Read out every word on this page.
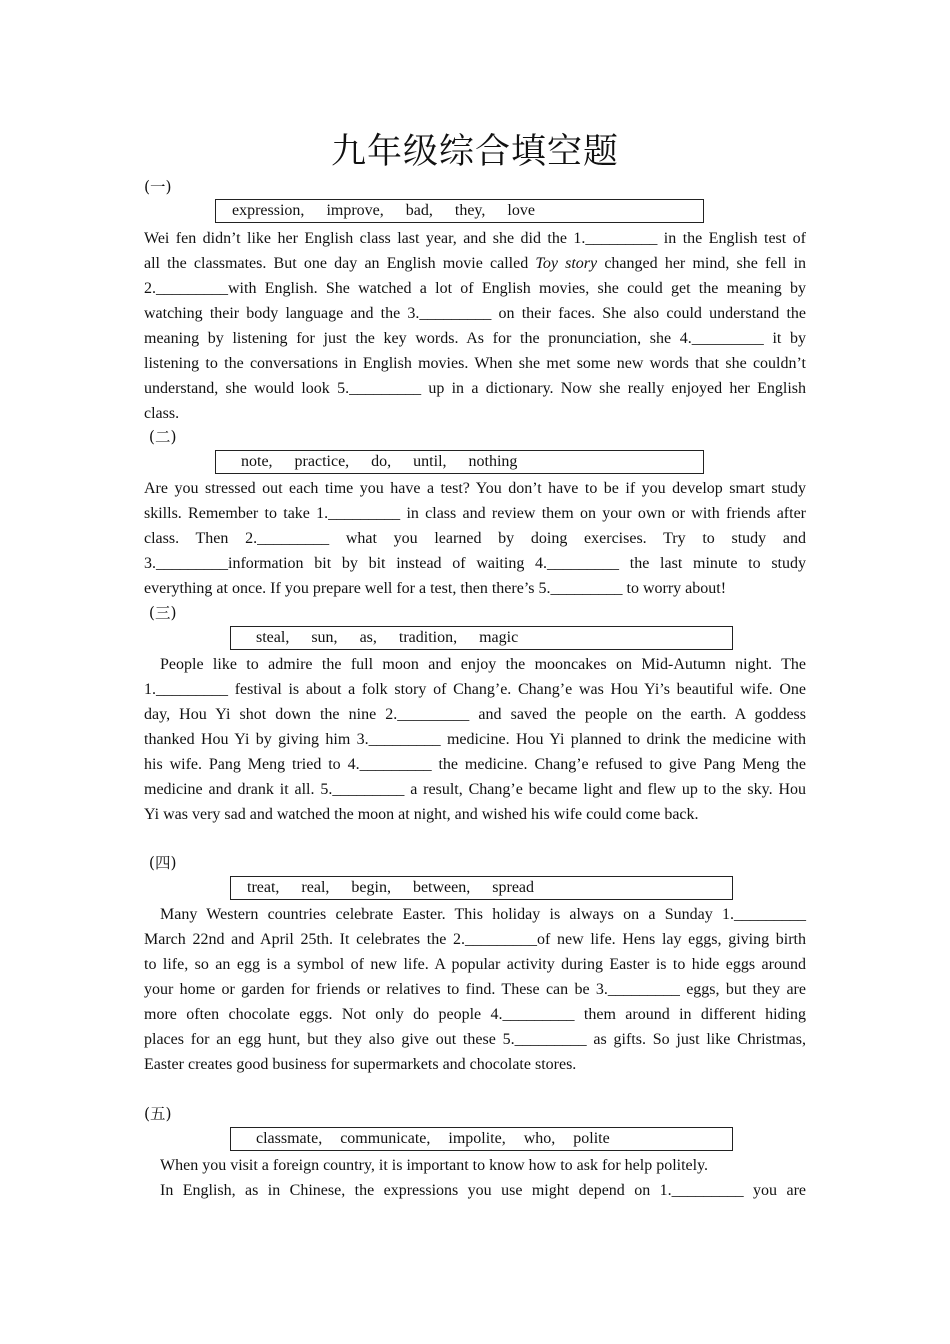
九年级综合填空题
(一)
expression, improve, bad, they, love
Wei fen didn’t like her English class last year, and she did the 1._________ in the English test of
all the classmates. But one day an English movie called Toy story changed her mind, she fell in
2._________with English. She watched a lot of English movies, she could get the meaning by
watching their body language and the 3._________ on their faces. She also could understand the
meaning by listening for just the key words. As for the pronunciation, she 4._________ it by
listening to the conversations in English movies. When she met some new words that she couldn’t
understand, she would look 5._________ up in a dictionary. Now she really enjoyed her English
class.
(二)
note, practice, do, until, nothing
Are you stressed out each time you have a test? You don’t have to be if you develop smart study
skills. Remember to take 1._________ in class and review them on your own or with friends after
class. Then 2._________ what you learned by doing exercises. Try to study and
3._________information bit by bit instead of waiting 4._________ the last minute to study
everything at once. If you prepare well for a test, then there’s 5._________ to worry about!
(三)
steal, sun, as, tradition, magic
People like to admire the full moon and enjoy the mooncakes on Mid-Autumn night. The
1._________ festival is about a folk story of Chang’e. Chang’e was Hou Yi’s beautiful wife. One
day, Hou Yi shot down the nine 2._________ and saved the people on the earth. A goddess
thanked Hou Yi by giving him 3._________ medicine. Hou Yi planned to drink the medicine with
his wife. Pang Meng tried to 4._________ the medicine. Chang’e refused to give Pang Meng the
medicine and drank it all. 5._________ a result, Chang’e became light and flew up to the sky. Hou
Yi was very sad and watched the moon at night, and wished his wife could come back.
(四)
treat, real, begin, between, spread
Many Western countries celebrate Easter. This holiday is always on a Sunday 1._________
March 22nd and April 25th. It celebrates the 2._________of new life. Hens lay eggs, giving birth
to life, so an egg is a symbol of new life. A popular activity during Easter is to hide eggs around
your home or garden for friends or relatives to find. These can be 3._________ eggs, but they are
more often chocolate eggs. Not only do people 4._________ them around in different hiding
places for an egg hunt, but they also give out these 5._________ as gifts. So just like Christmas,
Easter creates good business for supermarkets and chocolate stores.
(五)
classmate, communicate, impolite, who, polite
When you visit a foreign country, it is important to know how to ask for help politely.
In English, as in Chinese, the expressions you use might depend on 1._________ you are
